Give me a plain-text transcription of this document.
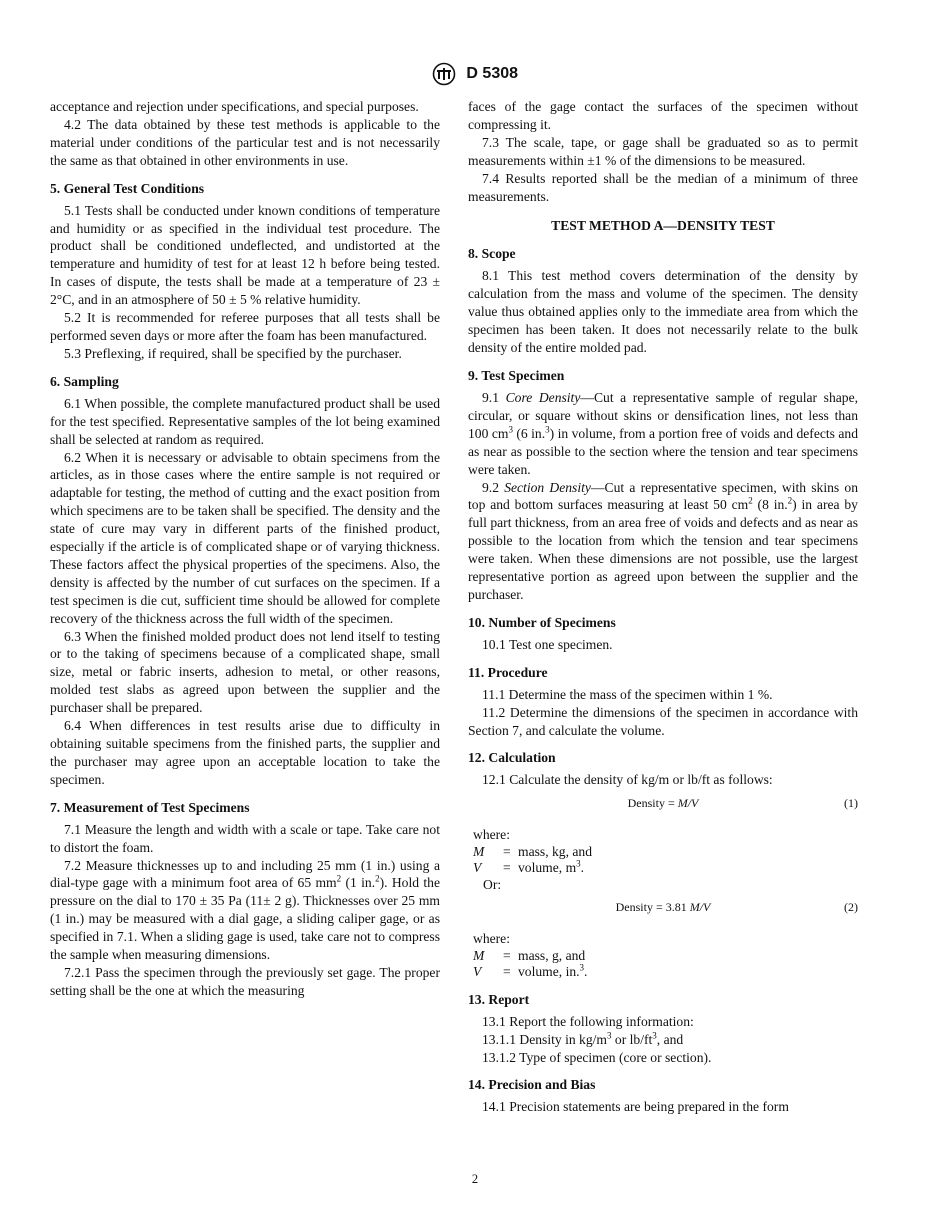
D 5308

acceptance and rejection under specifications, and special purposes.

4.2 The data obtained by these test methods is applicable to the material under conditions of the particular test and is not necessarily the same as that obtained in other environments in use.

5. General Test Conditions

5.1 Tests shall be conducted under known conditions of temperature and humidity or as specified in the individual test procedure. The product shall be conditioned undeflected, and undistorted at the temperature and humidity of test for at least 12 h before being tested. In cases of dispute, the tests shall be made at a temperature of 23 ± 2°C, and in an atmosphere of 50 ± 5 % relative humidity.

5.2 It is recommended for referee purposes that all tests shall be performed seven days or more after the foam has been manufactured.

5.3 Preflexing, if required, shall be specified by the purchaser.

6. Sampling

6.1 When possible, the complete manufactured product shall be used for the test specified. Representative samples of the lot being examined shall be selected at random as required.

6.2 When it is necessary or advisable to obtain specimens from the articles, as in those cases where the entire sample is not required or adaptable for testing, the method of cutting and the exact position from which specimens are to be taken shall be specified. The density and the state of cure may vary in different parts of the finished product, especially if the article is of complicated shape or of varying thickness. These factors affect the physical properties of the specimens. Also, the density is affected by the number of cut surfaces on the specimen. If a test specimen is die cut, sufficient time should be allowed for complete recovery of the thickness across the full width of the specimen.

6.3 When the finished molded product does not lend itself to testing or to the taking of specimens because of a complicated shape, small size, metal or fabric inserts, adhesion to metal, or other reasons, molded test slabs as agreed upon between the supplier and the purchaser shall be prepared.

6.4 When differences in test results arise due to difficulty in obtaining suitable specimens from the finished parts, the supplier and the purchaser may agree upon an acceptable location to take the specimen.

7. Measurement of Test Specimens

7.1 Measure the length and width with a scale or tape. Take care not to distort the foam.

7.2 Measure thicknesses up to and including 25 mm (1 in.) using a dial-type gage with a minimum foot area of 65 $mm^2$ (1 in.$^2$). Hold the pressure on the dial to 170 ± 35 Pa (11± 2 g). Thicknesses over 25 mm (1 in.) may be measured with a dial gage, a sliding caliper gage, or as specified in 7.1. When a sliding gage is used, take care not to compress the sample when measuring dimensions.

7.2.1 Pass the specimen through the previously set gage. The proper setting shall be the one at which the measuring

faces of the gage contact the surfaces of the specimen without compressing it.

7.3 The scale, tape, or gage shall be graduated so as to permit measurements within ±1 % of the dimensions to be measured.

7.4 Results reported shall be the median of a minimum of three measurements.

TEST METHOD A—DENSITY TEST
8. Scope

8.1 This test method covers determination of the density by calculation from the mass and volume of the specimen. The density value thus obtained applies only to the immediate area from which the specimen has been taken. It does not necessarily relate to the bulk density of the entire molded pad.

9. Test Specimen

9.1 Core Density—Cut a representative sample of regular shape, circular, or square without skins or densification lines, not less than 100 $cm^3$ (6 in.$^3$) in volume, from a portion free of voids and defects and as near as possible to the section where the tension and tear specimens were taken.

9.2 Section Density—Cut a representative specimen, with skins on top and bottom surfaces measuring at least 50 $cm^2$ (8 in.$^2$) in area by full part thickness, from an area free of voids and defects and as near as possible to the location from which the tension and tear specimens were taken. When these dimensions are not possible, use the largest representative portion as agreed upon between the supplier and the purchaser.

10. Number of Specimens

10.1 Test one specimen.

11. Procedure

11.1 Determine the mass of the specimen within 1 %.

11.2 Determine the dimensions of the specimen in accordance with Section 7, and calculate the volume.

12. Calculation

12.1 Calculate the density of kg/m or lb/ft as follows:

Density = M/V	(1)
where:
M	= mass, kg, and
V	= volume, $m^3$.
Or:
Density = 3.81 M/V	(2)
where:
M	= mass, g, and
V	= volume, in.$^3$.
13. Report

13.1 Report the following information:

13.1.1 Density in $kg/m^3$ or $lb/ft^3$, and

13.1.2 Type of specimen (core or section).

14. Precision and Bias

14.1 Precision statements are being prepared in the form

2
